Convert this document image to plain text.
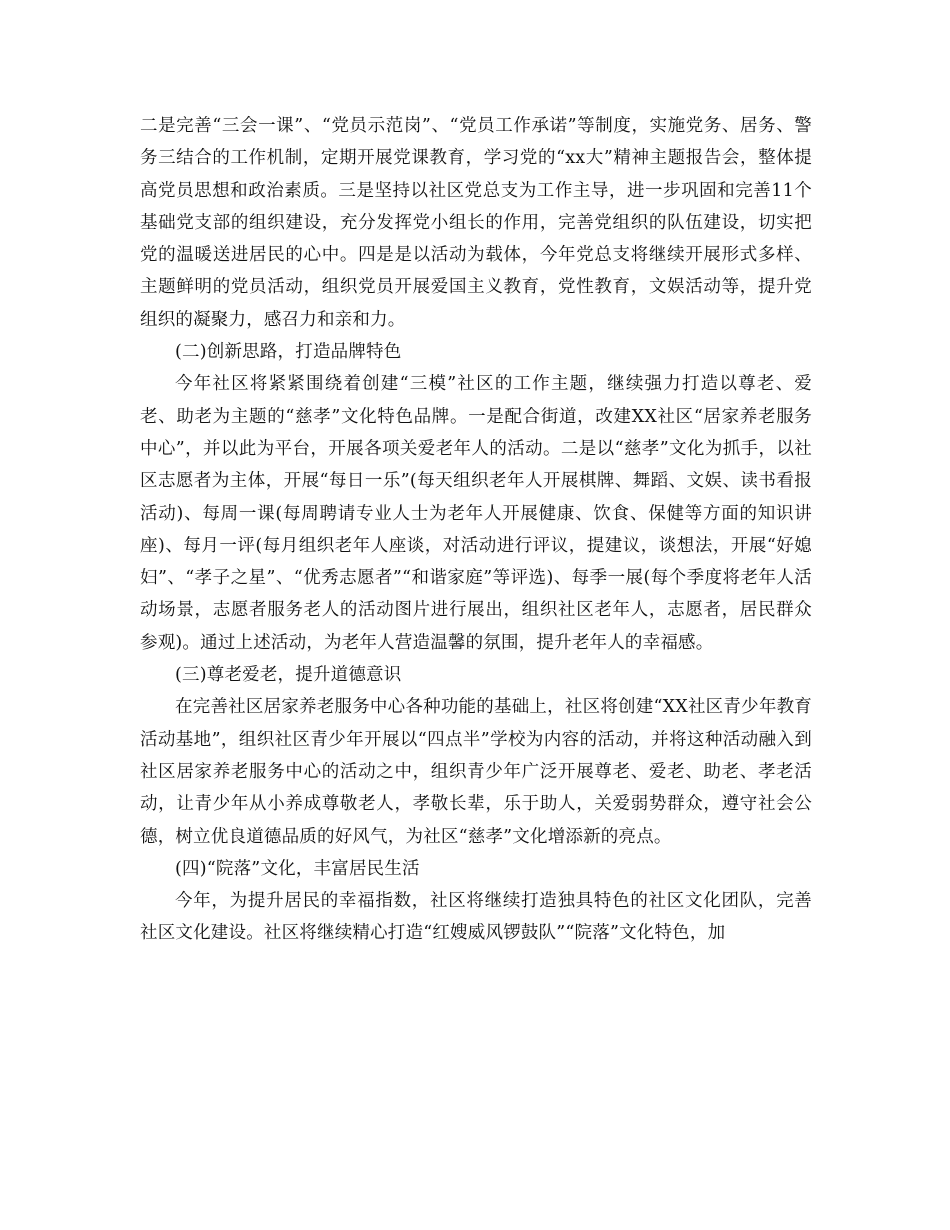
二是完善“三会一课”、“党员示范岗”、“党员工作承诺”等制度，实施党务、居务、警务三结合的工作机制，定期开展党课教育，学习党的“xx大”精神主题报告会，整体提高党员思想和政治素质。三是坚持以社区党总支为工作主导，进一步巩固和完善11个基础党支部的组织建设，充分发挥党小组长的作用，完善党组织的队伍建设，切实把党的温暖送进居民的心中。四是是以活动为载体，今年党总支将继续开展形式多样、主题鲜明的党员活动，组织党员开展爱国主义教育，党性教育，文娱活动等，提升党组织的凝聚力，感召力和亲和力。

(二)创新思路，打造品牌特色

今年社区将紧紧围绕着创建“三模”社区的工作主题，继续强力打造以尊老、爱老、助老为主题的“慈孝”文化特色品牌。一是配合街道，改建XX社区“居家养老服务中心”，并以此为平台，开展各项关爱老年人的活动。二是以“慈孝”文化为抓手，以社区志愿者为主体，开展“每日一乐”(每天组织老年人开展棋牌、舞蹈、文娱、读书看报活动)、每周一课(每周聘请专业人士为老年人开展健康、饮食、保健等方面的知识讲座)、每月一评(每月组织老年人座谈，对活动进行评议，提建议，谈想法，开展“好媳妇”、“孝子之星”、“优秀志愿者”“和谐家庭”等评选)、每季一展(每个季度将老年人活动场景，志愿者服务老人的活动图片进行展出，组织社区老年人，志愿者，居民群众参观)。通过上述活动，为老年人营造温馨的氛围，提升老年人的幸福感。

(三)尊老爱老，提升道德意识

在完善社区居家养老服务中心各种功能的基础上，社区将创建“XX社区青少年教育活动基地”，组织社区青少年开展以“四点半”学校为内容的活动，并将这种活动融入到社区居家养老服务中心的活动之中，组织青少年广泛开展尊老、爱老、助老、孝老活动，让青少年从小养成尊敬老人，孝敬长辈，乐于助人，关爱弱势群众，遵守社会公德，树立优良道德品质的好风气，为社区“慈孝”文化增添新的亮点。

(四)“院落”文化，丰富居民生活

今年，为提升居民的幸福指数，社区将继续打造独具特色的社区文化团队，完善社区文化建设。社区将继续精心打造“红嫂威风锣鼓队”“院落”文化特色，加
